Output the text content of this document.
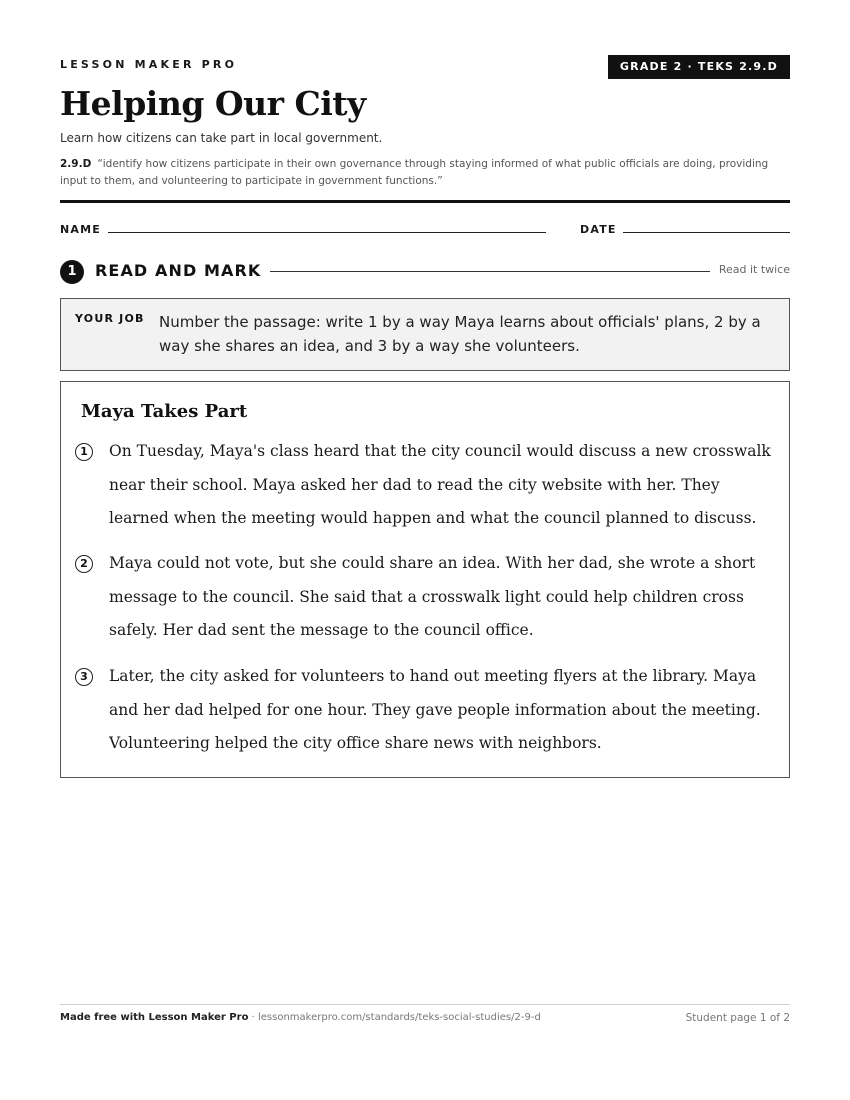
LESSON MAKER PRO	GRADE 2 · TEKS 2.9.D
Helping Our City
Learn how citizens can take part in local government.
2.9.D “identify how citizens participate in their own governance through staying informed of what public officials are doing, providing input to them, and volunteering to participate in government functions.”
NAME	DATE
1	READ AND MARK	Read it twice
YOUR JOB Number the passage: write 1 by a way Maya learns about officials' plans, 2 by a way she shares an idea, and 3 by a way she volunteers.
Maya Takes Part
1	On Tuesday, Maya's class heard that the city council would discuss a new crosswalk near their school. Maya asked her dad to read the city website with her. They learned when the meeting would happen and what the council planned to discuss.
2	Maya could not vote, but she could share an idea. With her dad, she wrote a short message to the council. She said that a crosswalk light could help children cross safely. Her dad sent the message to the council office.
3	Later, the city asked for volunteers to hand out meeting flyers at the library. Maya and her dad helped for one hour. They gave people information about the meeting. Volunteering helped the city office share news with neighbors.
Made free with Lesson Maker Pro · lessonmakerpro.com/standards/teks-social-studies/2-9-d	Student page 1 of 2
